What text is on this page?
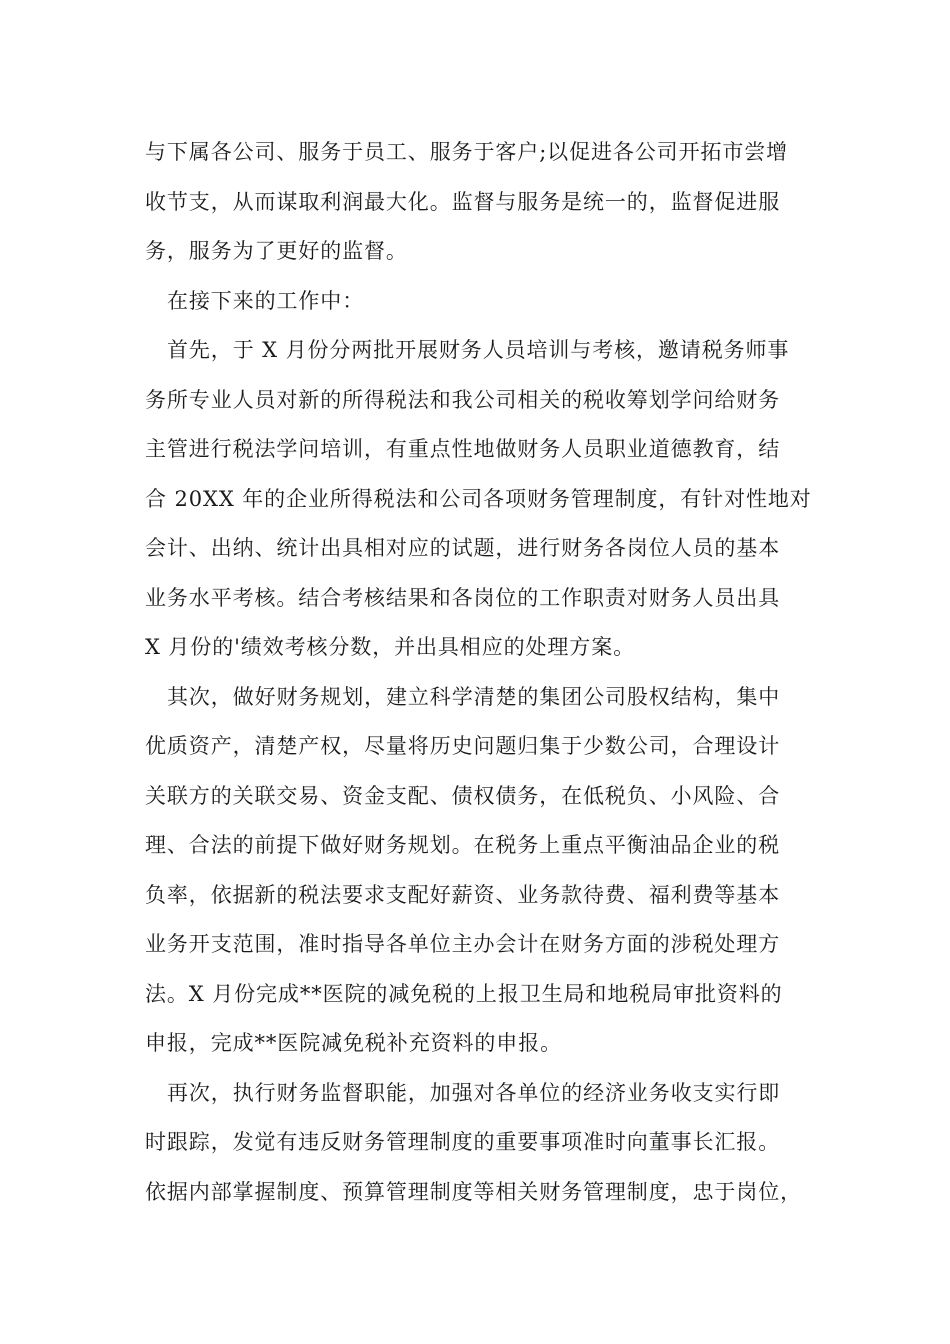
与下属各公司、服务于员工、服务于客户;以促进各公司开拓市尝增
收节支，从而谋取利润最大化。监督与服务是统一的，监督促进服
务，服务为了更好的监督。
在接下来的工作中：
首先，于 X 月份分两批开展财务人员培训与考核，邀请税务师事
务所专业人员对新的所得税法和我公司相关的税收筹划学问给财务
主管进行税法学问培训，有重点性地做财务人员职业道德教育，结
合 20XX 年的企业所得税法和公司各项财务管理制度，有针对性地对
会计、出纳、统计出具相对应的试题，进行财务各岗位人员的基本
业务水平考核。结合考核结果和各岗位的工作职责对财务人员出具
X 月份的'绩效考核分数，并出具相应的处理方案。
其次，做好财务规划，建立科学清楚的集团公司股权结构，集中
优质资产，清楚产权，尽量将历史问题归集于少数公司，合理设计
关联方的关联交易、资金支配、债权债务，在低税负、小风险、合
理、合法的前提下做好财务规划。在税务上重点平衡油品企业的税
负率，依据新的税法要求支配好薪资、业务款待费、福利费等基本
业务开支范围，准时指导各单位主办会计在财务方面的涉税处理方
法。X 月份完成**医院的减免税的上报卫生局和地税局审批资料的
申报，完成**医院减免税补充资料的申报。
再次，执行财务监督职能，加强对各单位的经济业务收支实行即
时跟踪，发觉有违反财务管理制度的重要事项准时向董事长汇报。
依据内部掌握制度、预算管理制度等相关财务管理制度，忠于岗位，
